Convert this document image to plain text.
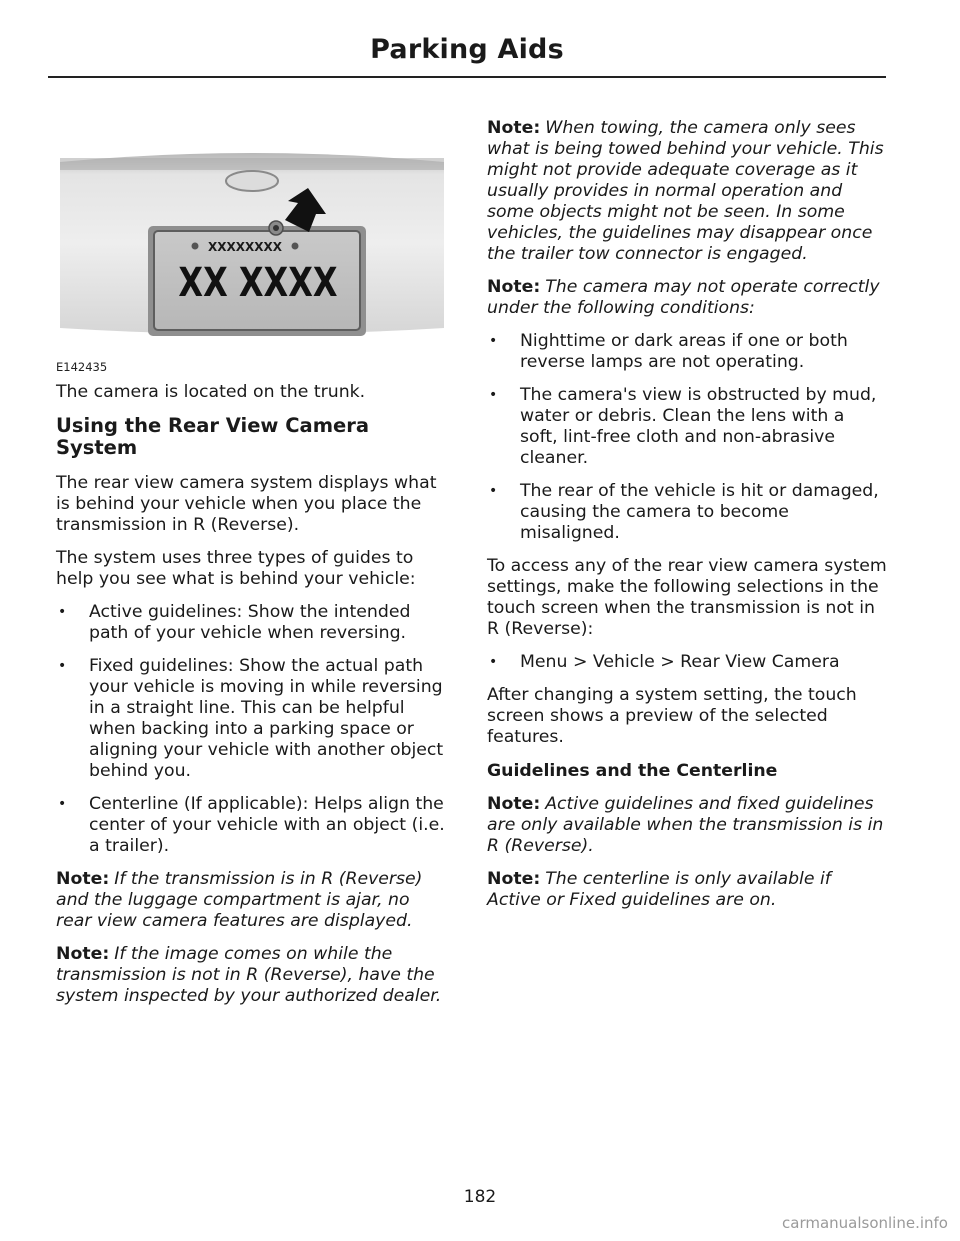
Parking Aids
XXXXXXXX
XX XXXX
E142435

The camera is located on the trunk.

Using the Rear View Camera System

The rear view camera system displays what is behind your vehicle when you place the transmission in R (Reverse).

The system uses three types of guides to help you see what is behind your vehicle:

• Active guidelines: Show the intended path of your vehicle when reversing.
• Fixed guidelines: Show the actual path your vehicle is moving in while reversing in a straight line. This can be helpful when backing into a parking space or aligning your vehicle with another object behind you.
• Centerline (If applicable): Helps align the center of your vehicle with an object (i.e. a trailer).

Note: If the transmission is in R (Reverse) and the luggage compartment is ajar, no rear view camera features are displayed.

Note: If the image comes on while the transmission is not in R (Reverse), have the system inspected by your authorized dealer.

Note: When towing, the camera only sees what is being towed behind your vehicle. This might not provide adequate coverage as it usually provides in normal operation and some objects might not be seen. In some vehicles, the guidelines may disappear once the trailer tow connector is engaged.

Note: The camera may not operate correctly under the following conditions:

• Nighttime or dark areas if one or both reverse lamps are not operating.
• The camera's view is obstructed by mud, water or debris. Clean the lens with a soft, lint-free cloth and non-abrasive cleaner.
• The rear of the vehicle is hit or damaged, causing the camera to become misaligned.

To access any of the rear view camera system settings, make the following selections in the touch screen when the transmission is not in R (Reverse):

• Menu > Vehicle > Rear View Camera

After changing a system setting, the touch screen shows a preview of the selected features.

Guidelines and the Centerline

Note: Active guidelines and fixed guidelines are only available when the transmission is in R (Reverse).

Note: The centerline is only available if Active or Fixed guidelines are on.

182
carmanualsonline.info
